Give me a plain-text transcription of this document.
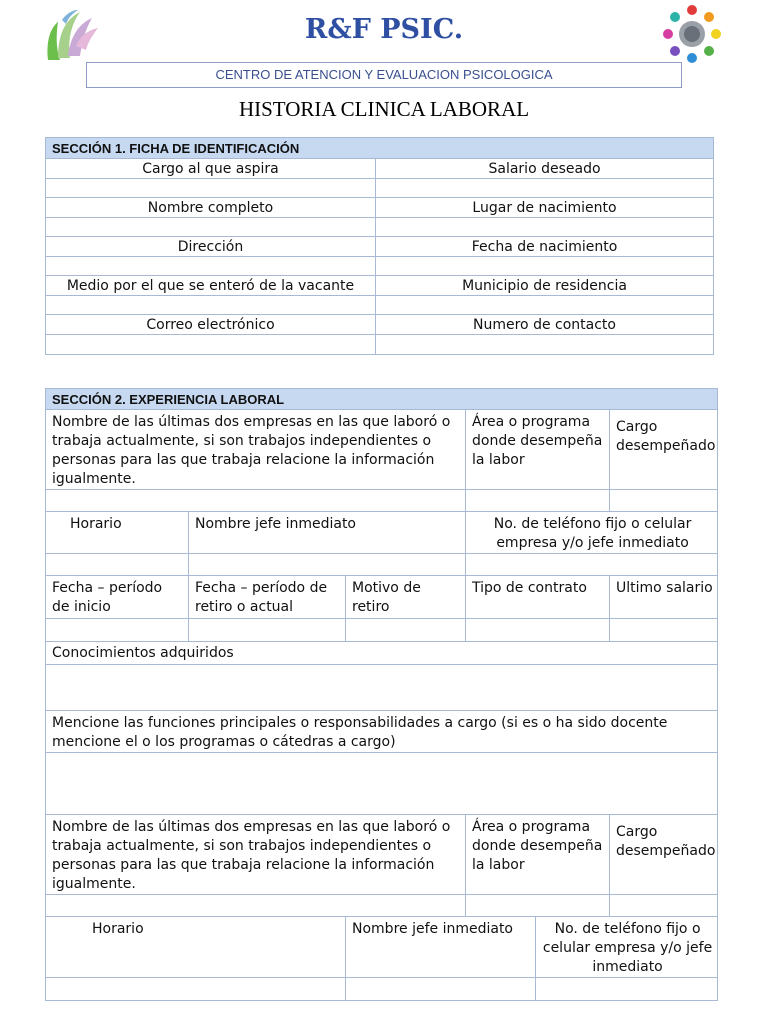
R&F PSIC.
CENTRO DE ATENCION Y EVALUACION PSICOLOGICA
HISTORIA CLINICA LABORAL
SECCIÓN 1. FICHA DE IDENTIFICACIÓN	
Cargo al que aspira	Salario deseado

Nombre completo	Lugar de nacimiento

Dirección	Fecha de nacimiento

Medio por el que se enteró de la vacante	Municipio de residencia

Correo electrónico	Numero de contacto

SECCIÓN 2. EXPERIENCIA LABORAL					
Nombre de las últimas dos empresas en las que laboró o trabaja actualmente, si son trabajos independientes o personas para las que trabaja relacione la información igualmente.			Área o programa donde desempeña la labor		Cargo desempeñado

Horario	Nombre jefe inmediato		No. de teléfono fijo o celular empresa y/o jefe inmediato		

Fecha – período de inicio	Fecha – período de retiro o actual	Motivo de retiro	Tipo de contrato		Ultimo salario

Conocimientos adquiridos					

Mencione las funciones principales o responsabilidades a cargo (si es o ha sido docente mencione el o los programas o cátedras a cargo)					

Nombre de las últimas dos empresas en las que laboró o trabaja actualmente, si son trabajos independientes o personas para las que trabaja relacione la información igualmente.			Área o programa donde desempeña la labor		Cargo desempeñado

Horario		Nombre jefe inmediato		No. de teléfono fijo o celular empresa y/o jefe inmediato	
